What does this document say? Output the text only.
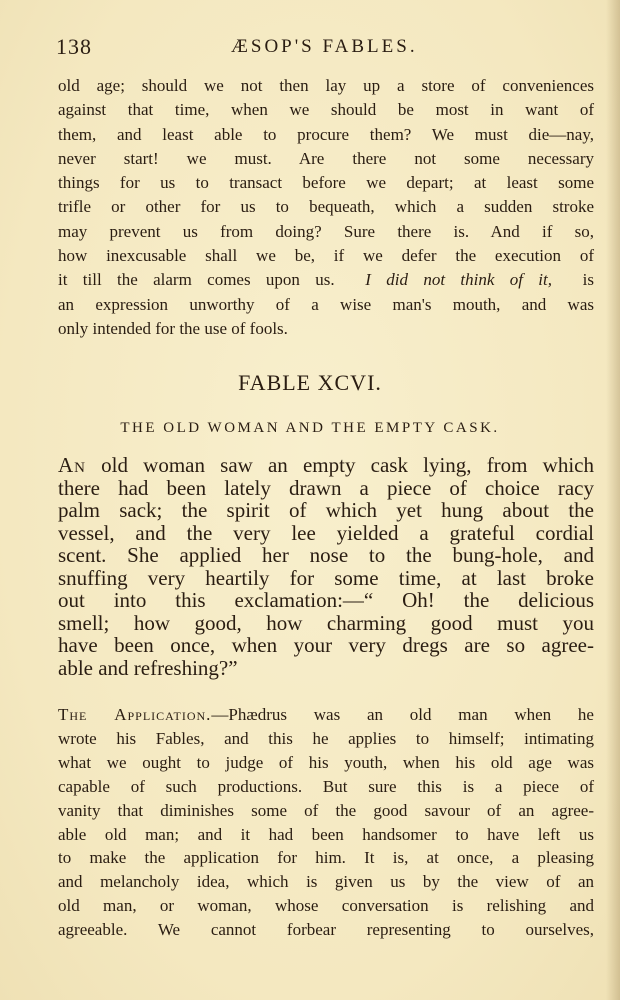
138	ÆSOP'S FABLES.
old age; should we not then lay up a store of conveniences
against that time, when we should be most in want of
them, and least able to procure them? We must die—nay,
never start! we must. Are there not some necessary
things for us to transact before we depart; at least some
trifle or other for us to bequeath, which a sudden stroke
may prevent us from doing? Sure there is. And if so,
how inexcusable shall we be, if we defer the execution of
it till the alarm comes upon us. I did not think of it, is
an expression unworthy of a wise man's mouth, and was
only intended for the use of fools.
FABLE XCVI.
THE OLD WOMAN AND THE EMPTY CASK.
An old woman saw an empty cask lying, from which
there had been lately drawn a piece of choice racy
palm sack; the spirit of which yet hung about the
vessel, and the very lee yielded a grateful cordial
scent. She applied her nose to the bung-hole, and
snuffing very heartily for some time, at last broke
out into this exclamation:—“ Oh! the delicious
smell; how good, how charming good must you
have been once, when your very dregs are so agree-
able and refreshing?”
The Application.—Phædrus was an old man when he
wrote his Fables, and this he applies to himself; intimating
what we ought to judge of his youth, when his old age was
capable of such productions. But sure this is a piece of
vanity that diminishes some of the good savour of an agree-
able old man; and it had been handsomer to have left us
to make the application for him. It is, at once, a pleasing
and melancholy idea, which is given us by the view of an
old man, or woman, whose conversation is relishing and
agreeable. We cannot forbear representing to ourselves,
